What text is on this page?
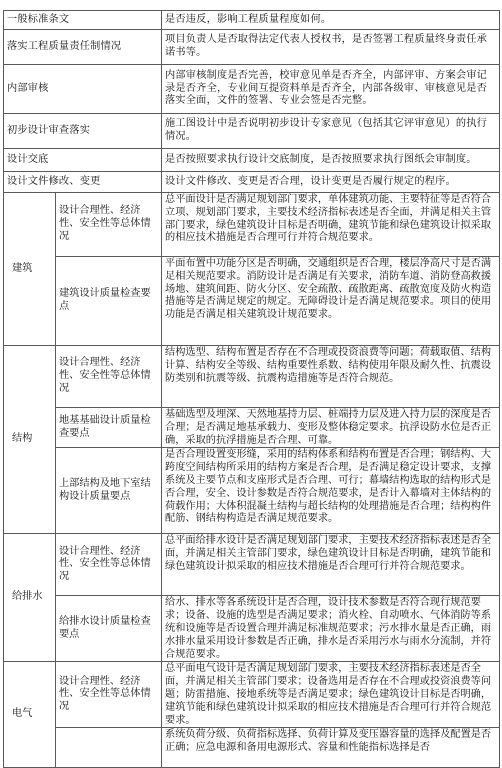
一般标准条文		是否违反，影响工程质量程度如何。
落实工程质量责任制情况		项目负责人是否取得法定代表人授权书，是否签署工程质量终身责任承诺书等。
内部审核		内部审核制度是否完善，校审意见单是否齐全，内部评审、方案会审记录是否齐全，专业间互提资料单是否齐全，内部各级审、审核意见是否落实全面，文件的签署、专业会签是否完整。
初步设计审查落实		施工图设计中是否说明初步设计专家意见（包括其它评审意见）的执行情况。
设计交底		是否按照要求执行设计交底制度，是否按照要求执行图纸会审制度。
设计文件修改、变更		设计文件修改、变更是否合理，设计变更是否履行规定的程序。
建筑	设计合理性、经济性、安全性等总体情况	总平面设计是否满足规划部门要求，单体建筑功能、主要特征等是否符合立项、规划部门要求，主要技术经济指标表述是否全面，并满足相关主管部门要求，绿色建筑设计目标是否明确，建筑节能和绿色建筑设计拟采取的相应技术措施是否合理可行并符合规范要求。
	建筑设计质量检查要点	平面布置中功能分区是否明确，交通组织是否合理，楼层净高尺寸是否满足相关规范要求。消防设计是否满足有关要求，消防车道、消防登高救援场地、建筑间距、防火分区、安全疏散、疏散距离、疏散宽度及防火构造措施等是否满足规定的规定。无障碍设计是否满足规范要求。项目的使用功能是否满足相关建筑设计规范要求。
结构	设计合理性、经济性、安全性等总体情况	结构选型、结构布置是否存在不合理或投资浪费等问题；荷载取值、结构计算、结构安全等级、结构重要性系数、结构使用年限及耐久性、抗震设防类别和抗震等级、抗震构造措施等是否符合规范。
	地基基础设计质量检查要点	基础选型及埋深、天然地基持力层、桩端持力层及进入持力层的深度是否合理；是否满足地基承载力、变形及整体稳定要求。抗浮设防水位是否正确，采取的抗浮措施是否合理、可靠。
	上部结构及地下室结构设计质量要点	是否合理设置变形缝，采用的结构体系和结构布置是否合理；钢结构、大跨度空间结构所采用的结构方案是否合理，是否满足稳定设计要求，支撑系统及主要节点和支座形式是否合理、可行；幕墙结构选取的结构形式是否合理，安全、设计参数是否符合规范要求，是否计入幕墙对主体结构的荷载作用；大体积混凝土结构与超长结构的处理措施是否合理；结构构件配筋、钢结构构造是否满足规范要求。
给排水	设计合理性、经济性、安全性等总体情况	总平面给排水设计是否满足规划部门要求，主要技术经济指标表述是否全面，并满足相关主管部门要求，绿色建筑设计目标是否明确，建筑节能和绿色建筑设计拟采取的相应技术措施是否合理可行并符合规范要求。
	给排水设计质量检查要点	给水、排水等各系统设计是否合理，设计技术参数是否符合现行规范要求；设备、设施的选型是否满足要求；消火栓、自动喷水、气体消防等系统和设施等是否设置合理并满足标准规范要求；污水排水量是否正确，雨水排水量采用设计参数是否正确，排水是否采用污水与雨水分流制，并符合规范要求。
电气	设计合理性、经济性、安全性等总体情况	总平面电气设计是否满足规划部门要求，主要技术经济指标表述是否全面，并满足相关主管部门要求；设备选用是否存在不合理或投资浪费等问题；防雷措施、接地系统等是否满足要求；绿色建筑设计目标是否明确，建筑节能和绿色建筑设计拟采取的相应技术措施是否合理可行并符合规范要求。
		系统负荷分级、负荷指标选择、负荷计算及变压器容量的选择及配置是否正确；应急电源和备用电源形式、容量和性能指标选择是否
